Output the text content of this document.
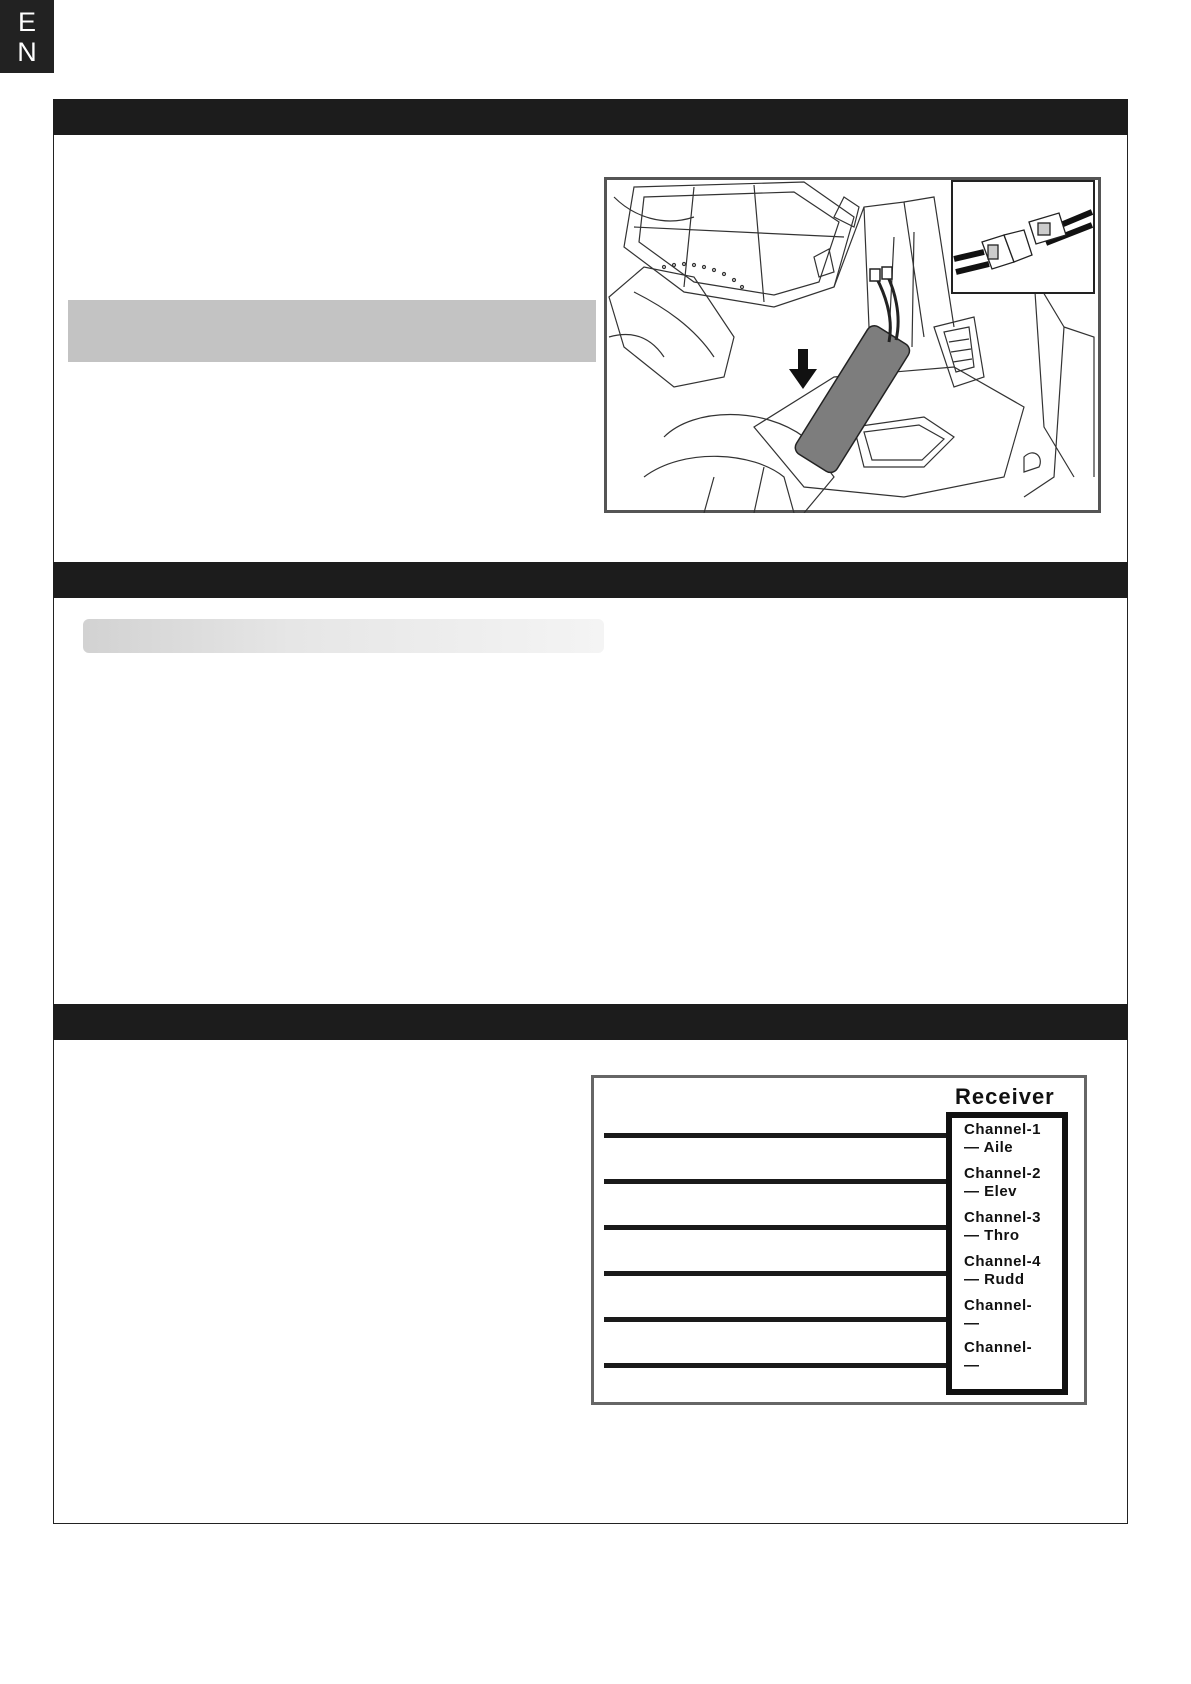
E
N
Receiver
Channel-1
— Aile
Channel-2
— Elev
Channel-3
— Thro
Channel-4
— Rudd
Channel-
—
Channel-
—
